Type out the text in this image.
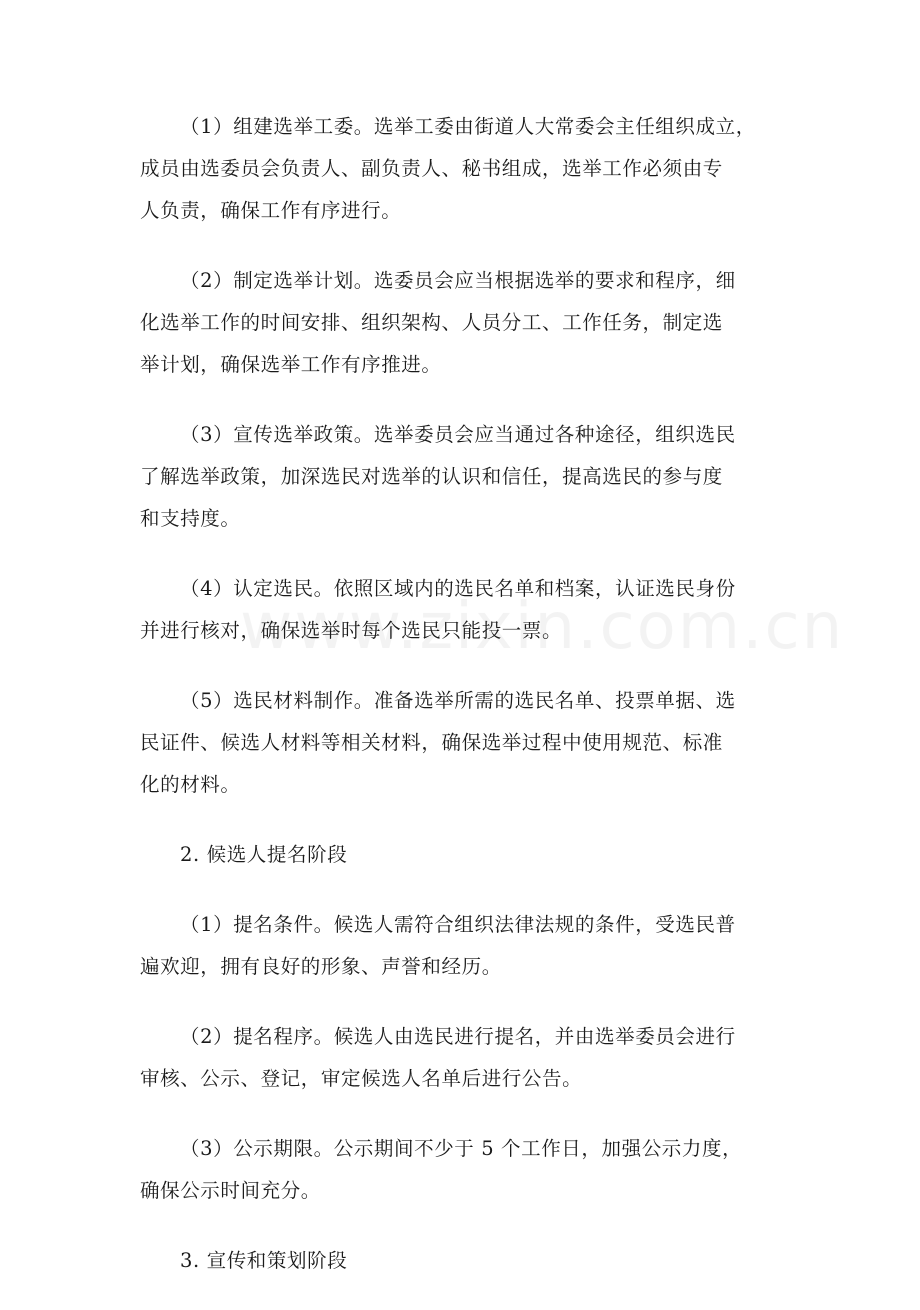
（1）组建选举工委。选举工委由街道人大常委会主任组织成立，
成员由选委员会负责人、副负责人、秘书组成，选举工作必须由专
人负责，确保工作有序进行。
（2）制定选举计划。选委员会应当根据选举的要求和程序，细
化选举工作的时间安排、组织架构、人员分工、工作任务，制定选
举计划，确保选举工作有序推进。
（3）宣传选举政策。选举委员会应当通过各种途径，组织选民
了解选举政策，加深选民对选举的认识和信任，提高选民的参与度
和支持度。
（4）认定选民。依照区域内的选民名单和档案，认证选民身份
并进行核对，确保选举时每个选民只能投一票。
（5）选民材料制作。准备选举所需的选民名单、投票单据、选
民证件、候选人材料等相关材料，确保选举过程中使用规范、标准
化的材料。
2. 候选人提名阶段
（1）提名条件。候选人需符合组织法律法规的条件，受选民普
遍欢迎，拥有良好的形象、声誉和经历。
（2）提名程序。候选人由选民进行提名，并由选举委员会进行
审核、公示、登记，审定候选人名单后进行公告。
（3）公示期限。公示期间不少于 5 个工作日，加强公示力度，
确保公示时间充分。
3. 宣传和策划阶段
